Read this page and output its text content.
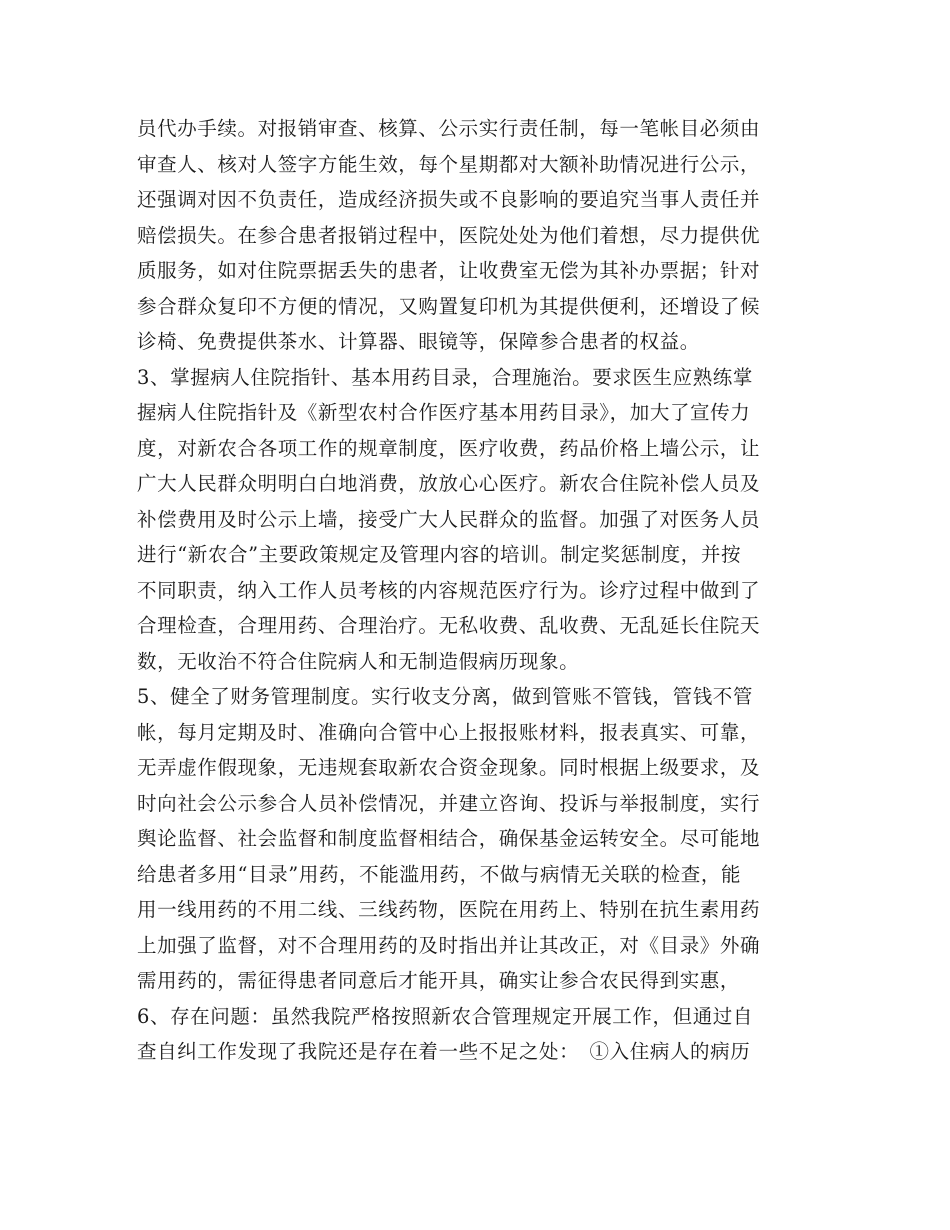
员代办手续。对报销审查、核算、公示实行责任制，每一笔帐目必须由
审查人、核对人签字方能生效，每个星期都对大额补助情况进行公示，
还强调对因不负责任，造成经济损失或不良影响的要追究当事人责任并
赔偿损失。在参合患者报销过程中，医院处处为他们着想，尽力提供优
质服务，如对住院票据丢失的患者，让收费室无偿为其补办票据；针对
参合群众复印不方便的情况，又购置复印机为其提供便利，还增设了候
诊椅、免费提供茶水、计算器、眼镜等，保障参合患者的权益。
3、掌握病人住院指针、基本用药目录，合理施治。要求医生应熟练掌
握病人住院指针及《新型农村合作医疗基本用药目录》，加大了宣传力
度，对新农合各项工作的规章制度，医疗收费，药品价格上墙公示，让
广大人民群众明明白白地消费，放放心心医疗。新农合住院补偿人员及
补偿费用及时公示上墙，接受广大人民群众的监督。加强了对医务人员
进行“新农合”主要政策规定及管理内容的培训。制定奖惩制度，并按
不同职责，纳入工作人员考核的内容规范医疗行为。诊疗过程中做到了
合理检查，合理用药、合理治疗。无私收费、乱收费、无乱延长住院天
数，无收治不符合住院病人和无制造假病历现象。
5、健全了财务管理制度。实行收支分离，做到管账不管钱，管钱不管
帐，每月定期及时、准确向合管中心上报报账材料，报表真实、可靠，
无弄虚作假现象，无违规套取新农合资金现象。同时根据上级要求，及
时向社会公示参合人员补偿情况，并建立咨询、投诉与举报制度，实行
舆论监督、社会监督和制度监督相结合，确保基金运转安全。尽可能地
给患者多用“目录”用药，不能滥用药，不做与病情无关联的检查，能
用一线用药的不用二线、三线药物，医院在用药上、特别在抗生素用药
上加强了监督，对不合理用药的及时指出并让其改正，对《目录》外确
需用药的，需征得患者同意后才能开具，确实让参合农民得到实惠，
6、存在问题：虽然我院严格按照新农合管理规定开展工作，但通过自
查自纠工作发现了我院还是存在着一些不足之处：　①入住病人的病历
